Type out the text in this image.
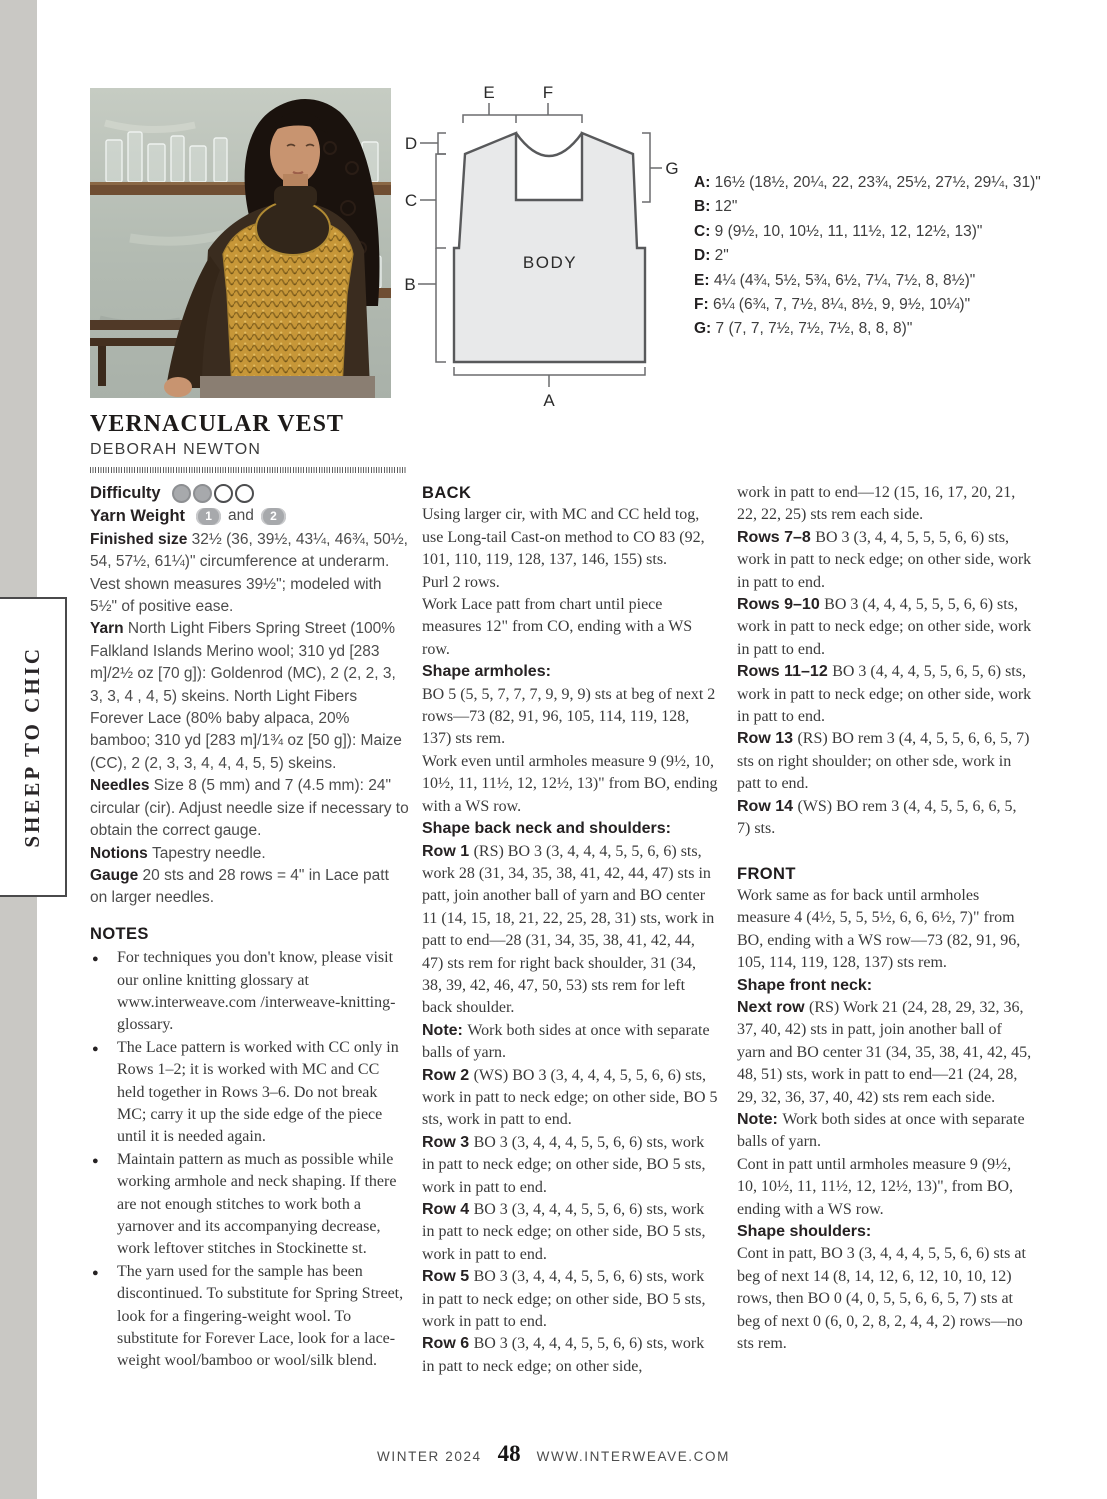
SHEEP TO CHIC
BODY
E	F
D
C
B
G
A
A: 16½ (18½, 20¼, 22, 23¾, 25½, 27½, 29¼, 31)"
B: 12"
C: 9 (9½, 10, 10½, 11, 11½, 12, 12½, 13)"
D: 2"
E: 4¼ (4¾, 5½, 5¾, 6½, 7¼, 7½, 8, 8½)"
F: 6¼ (6¾, 7, 7½, 8¼, 8½, 9, 9½, 10¼)"
G: 7 (7, 7, 7½, 7½, 7½, 8, 8, 8)"
VERNACULAR VEST
DEBORAH NEWTON
Difficulty
Yarn Weight	1	and	2
Finished size 32½ (36, 39½, 43¼, 46¾, 50½, 54, 57½, 61¼)" circumference at underarm. Vest shown measures 39½"; modeled with 5½" of positive ease.
Yarn North Light Fibers Spring Street (100% Falkland Islands Merino wool; 310 yd [283 m]/2½ oz [70 g]): Goldenrod (MC), 2 (2, 2, 3, 3, 3, 4 , 4, 5) skeins. North Light Fibers Forever Lace (80% baby alpaca, 20% bamboo; 310 yd [283 m]/1¾ oz [50 g]): Maize (CC), 2 (2, 3, 3, 4, 4, 4, 5, 5) skeins.
Needles Size 8 (5 mm) and 7 (4.5 mm): 24" circular (cir). Adjust needle size if necessary to obtain the correct gauge.
Notions Tapestry needle.
Gauge 20 sts and 28 rows = 4" in Lace patt on larger needles.

NOTES

● For techniques you don't know, please visit our online knitting glossary at www.interweave.com /interweave-knitting-glossary.
● The Lace pattern is worked with CC only in Rows 1–2; it is worked with MC and CC held together in Rows 3–6. Do not break MC; carry it up the side edge of the piece until it is needed again.
● Maintain pattern as much as possible while working armhole and neck shaping. If there are not enough stitches to work both a yarnover and its accompanying decrease, work leftover stitches in Stockinette st.
● The yarn used for the sample has been discontinued. To substitute for Spring Street, look for a fingering-weight wool. To substitute for Forever Lace, look for a lace-weight wool/bamboo or wool/silk blend.

BACK

Using larger cir, with MC and CC held tog, use Long-tail Cast-on method to CO 83 (92, 101, 110, 119, 128, 137, 146, 155) sts.

Purl 2 rows.

Work Lace patt from chart until piece measures 12" from CO, ending with a WS row.

Shape armholes:

BO 5 (5, 5, 7, 7, 7, 9, 9, 9) sts at beg of next 2 rows—73 (82, 91, 96, 105, 114, 119, 128, 137) sts rem.

Work even until armholes measure 9 (9½, 10, 10½, 11, 11½, 12, 12½, 13)" from BO, ending with a WS row.

Shape back neck and shoulders:

Row 1 (RS) BO 3 (3, 4, 4, 4, 5, 5, 6, 6) sts, work 28 (31, 34, 35, 38, 41, 42, 44, 47) sts in patt, join another ball of yarn and BO center 11 (14, 15, 18, 21, 22, 25, 28, 31) sts, work in patt to end—28 (31, 34, 35, 38, 41, 42, 44, 47) sts rem for right back shoulder, 31 (34, 38, 39, 42, 46, 47, 50, 53) sts rem for left back shoulder.

Note: Work both sides at once with separate balls of yarn.

Row 2 (WS) BO 3 (3, 4, 4, 4, 5, 5, 6, 6) sts, work in patt to neck edge; on other side, BO 5 sts, work in patt to end.

Row 3 BO 3 (3, 4, 4, 4, 5, 5, 6, 6) sts, work in patt to neck edge; on other side, BO 5 sts, work in patt to end.

Row 4 BO 3 (3, 4, 4, 4, 5, 5, 6, 6) sts, work in patt to neck edge; on other side, BO 5 sts, work in patt to end.

Row 5 BO 3 (3, 4, 4, 4, 5, 5, 6, 6) sts, work in patt to neck edge; on other side, BO 5 sts, work in patt to end.

Row 6 BO 3 (3, 4, 4, 4, 5, 5, 6, 6) sts, work in patt to neck edge; on other side,

work in patt to end—12 (15, 16, 17, 20, 21, 22, 22, 25) sts rem each side.

Rows 7–8 BO 3 (3, 4, 4, 5, 5, 5, 6, 6) sts, work in patt to neck edge; on other side, work in patt to end.

Rows 9–10 BO 3 (4, 4, 4, 5, 5, 5, 6, 6) sts, work in patt to neck edge; on other side, work in patt to end.

Rows 11–12 BO 3 (4, 4, 4, 5, 5, 6, 5, 6) sts, work in patt to neck edge; on other side, work in patt to end.

Row 13 (RS) BO rem 3 (4, 4, 5, 5, 6, 6, 5, 7) sts on right shoulder; on other sde, work in patt to end.

Row 14 (WS) BO rem 3 (4, 4, 5, 5, 6, 6, 5, 7) sts.

FRONT

Work same as for back until armholes measure 4 (4½, 5, 5, 5½, 6, 6, 6½, 7)" from BO, ending with a WS row—73 (82, 91, 96, 105, 114, 119, 128, 137) sts rem.

Shape front neck:

Next row (RS) Work 21 (24, 28, 29, 32, 36, 37, 40, 42) sts in patt, join another ball of yarn and BO center 31 (34, 35, 38, 41, 42, 45, 48, 51) sts, work in patt to end—21 (24, 28, 29, 32, 36, 37, 40, 42) sts rem each side.

Note: Work both sides at once with separate balls of yarn.

Cont in patt until armholes measure 9 (9½, 10, 10½, 11, 11½, 12, 12½, 13)", from BO, ending with a WS row.

Shape shoulders:

Cont in patt, BO 3 (3, 4, 4, 4, 5, 5, 6, 6) sts at beg of next 14 (8, 14, 12, 6, 12, 10, 10, 12) rows, then BO 0 (4, 0, 5, 5, 6, 6, 5, 7) sts at beg of next 0 (6, 0, 2, 8, 2, 4, 4, 2) rows—no sts rem.

WINTER 2024 48 WWW.INTERWEAVE.COM
